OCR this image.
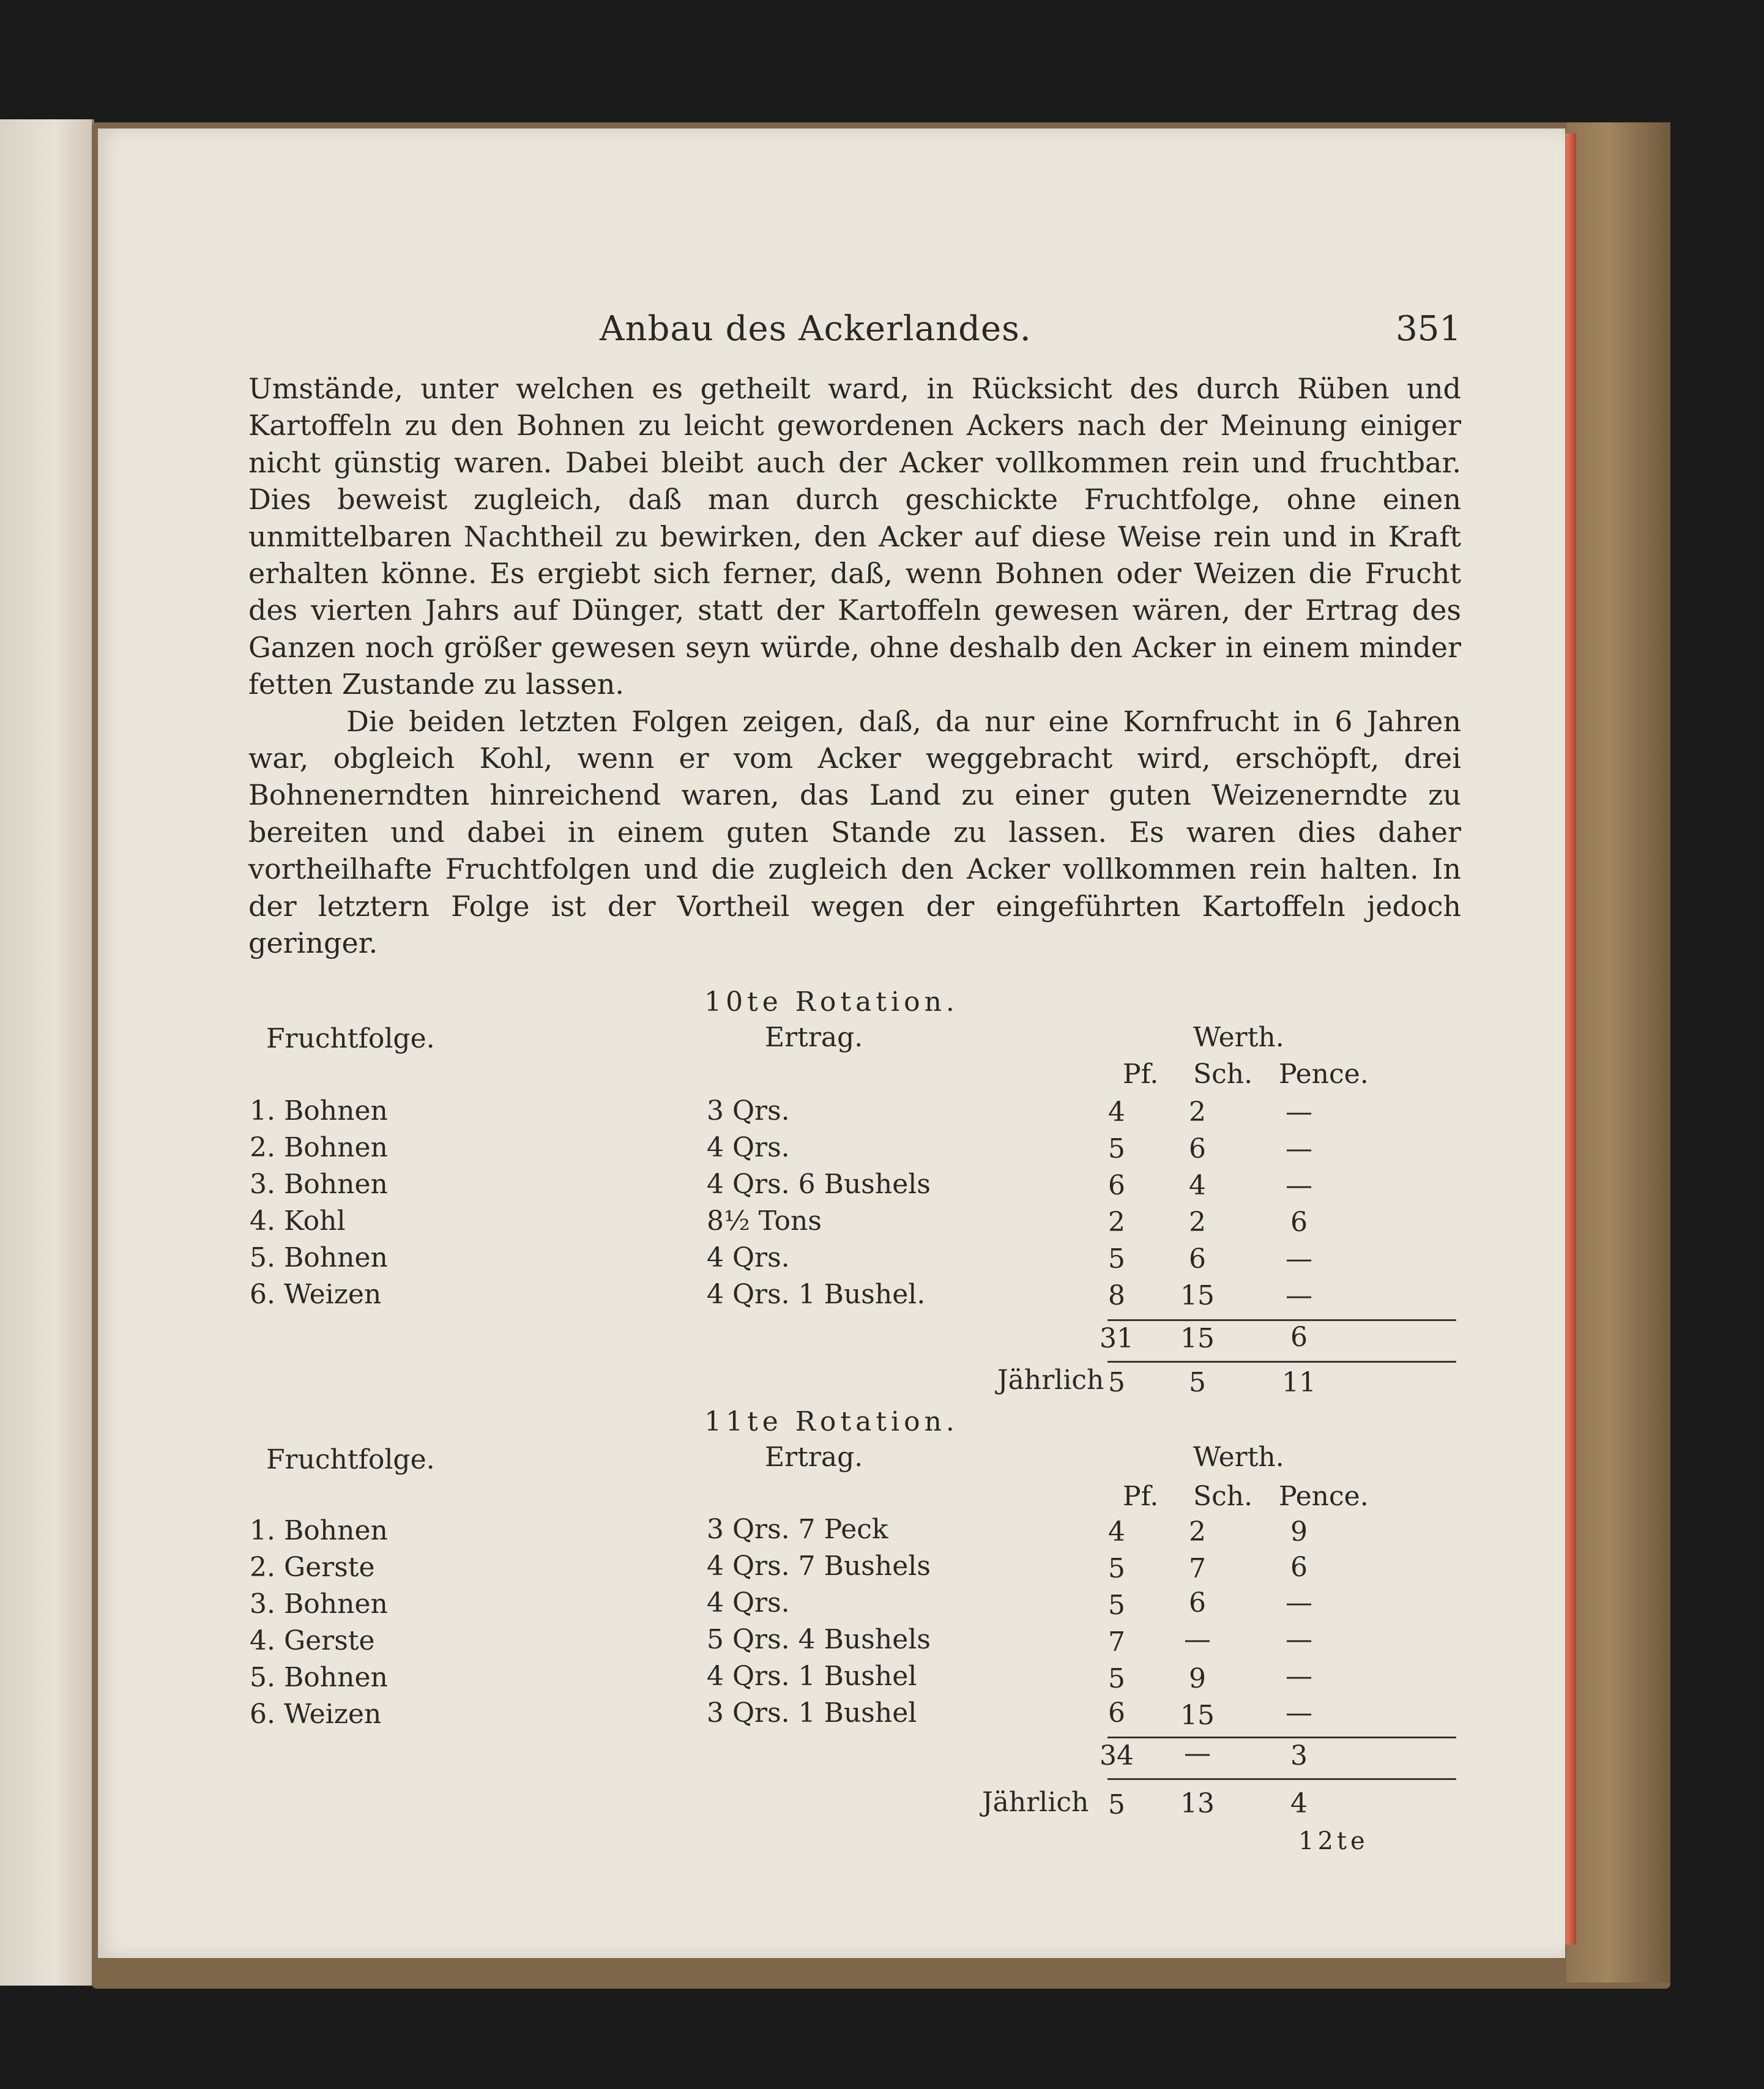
Anbau des Ackerlandes.	351

Umstände, unter welchen es getheilt ward, in Rücksicht des durch Rüben und Kartoffeln zu den Bohnen zu leicht gewordenen Ackers nach der Meinung einiger nicht günstig waren. Dabei bleibt auch der Acker vollkommen rein und fruchtbar. Dies beweist zugleich, daß man durch geschickte Fruchtfolge, ohne einen unmittelbaren Nachtheil zu bewirken, den Acker auf diese Weise rein und in Kraft erhalten könne. Es ergiebt sich ferner, daß, wenn Bohnen oder Weizen die Frucht des vierten Jahrs auf Dünger, statt der Kartoffeln gewesen wären, der Ertrag des Ganzen noch größer gewesen seyn würde, ohne deshalb den Acker in einem minder fetten Zustande zu lassen.

Die beiden letzten Folgen zeigen, daß, da nur eine Kornfrucht in 6 Jahren war, obgleich Kohl, wenn er vom Acker weggebracht wird, erschöpft, drei Bohnenerndten hinreichend waren, das Land zu einer guten Weizenerndte zu bereiten und dabei in einem guten Stande zu lassen. Es waren dies daher vortheilhafte Fruchtfolgen und die zugleich den Acker vollkommen rein halten. In der letztern Folge ist der Vortheil wegen der eingeführten Kartoffeln jedoch geringer.

10te Rotation.
Fruchtfolge.	Ertrag.	Werth.
Pf. Sch. Pence.
1. Bohnen	3 Qrs.	4	2	—
2. Bohnen	4 Qrs.	5	6	—
3. Bohnen	4 Qrs. 6 Bushels	6	4	—
4. Kohl	8½ Tons	2	2	6
5. Bohnen	4 Qrs.	5	6	—
6. Weizen	4 Qrs. 1 Bushel.	8	15	—
31	15	6
Jährlich 5	5	11
11te Rotation.
Fruchtfolge.	Ertrag.	Werth.
Pf. Sch. Pence.
1. Bohnen	3 Qrs. 7 Peck	4	2	9
2. Gerste	4 Qrs. 7 Bushels	5	7	6
3. Bohnen	4 Qrs.	5	6	—
4. Gerste	5 Qrs. 4 Bushels	7	—	—
5. Bohnen	4 Qrs. 1 Bushel	5	9	—
6. Weizen	3 Qrs. 1 Bushel	6	15	—
34	—	3
Jährlich 5	13	4
12te
